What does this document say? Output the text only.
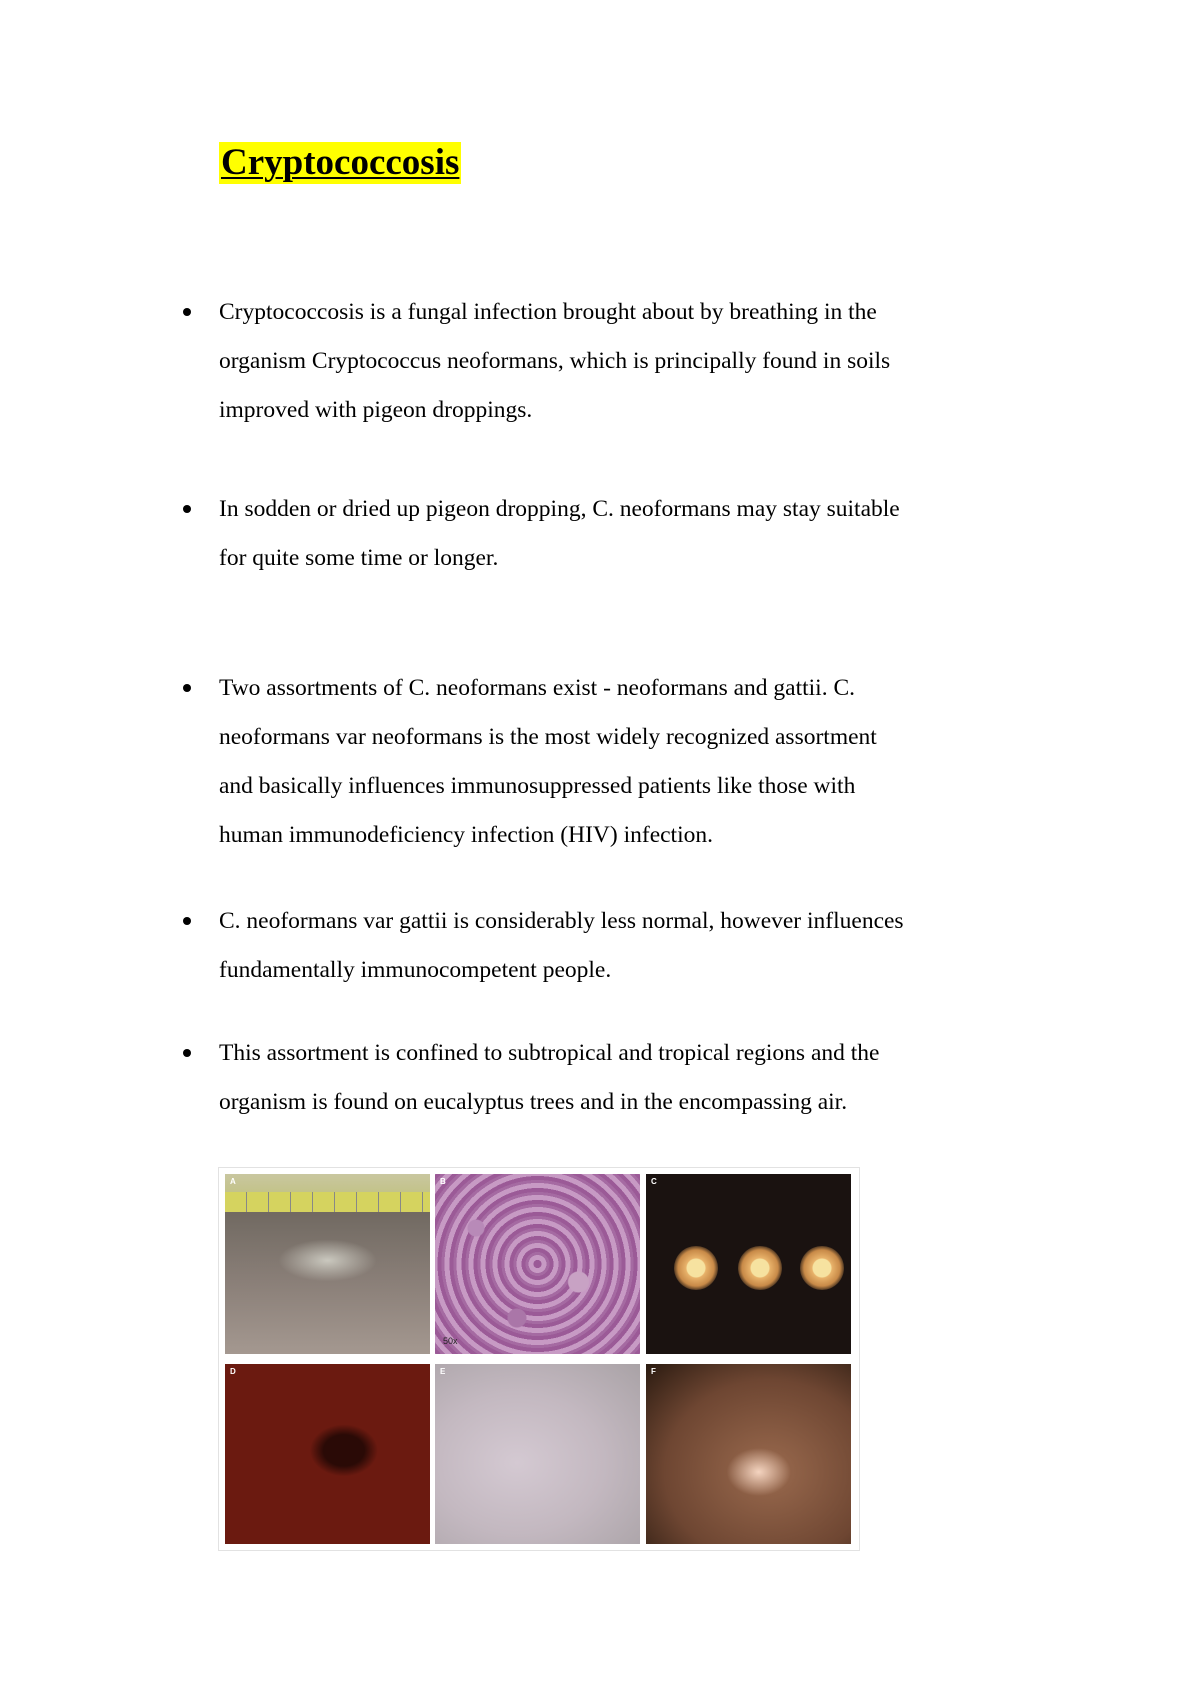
Cryptococcosis

Cryptococcosis is a fungal infection brought about by breathing in the

organism Cryptococcus neoformans, which is principally found in soils

improved with pigeon droppings.

In sodden or dried up pigeon dropping, C. neoformans may stay suitable

for quite some time or longer.

Two assortments of C. neoformans exist - neoformans and gattii. C.

neoformans var neoformans is the most widely recognized assortment

and basically influences immunosuppressed patients like those with

human immunodeficiency infection (HIV) infection.

C. neoformans var gattii is considerably less normal, however influences

fundamentally immunocompetent people.

This assortment is confined to subtropical and tropical regions and the

organism is found on eucalyptus trees and in the encompassing air.

A	B
50x
C
D	E	F
